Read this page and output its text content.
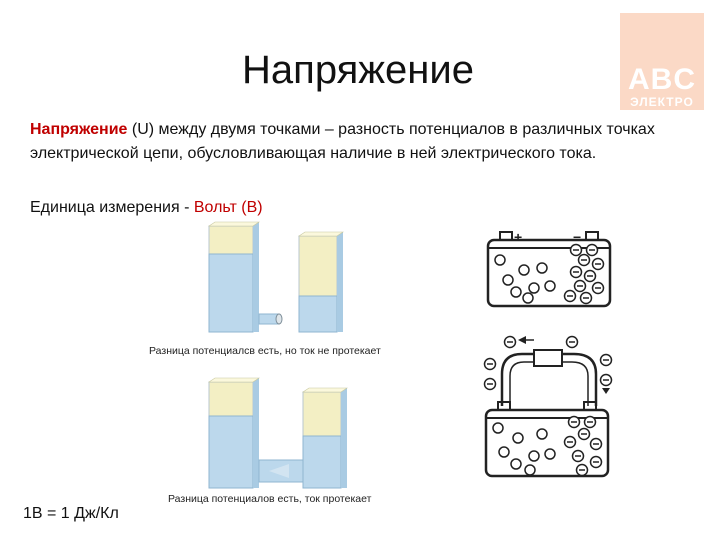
ABC
ЭЛЕКТРО
Напряжение
Напряжение (U) между двумя точками – разность потенциалов в различных точках электрической цепи, обусловливающая наличие в ней электрического тока.
Единица измерения - Вольт (В)
Разница потенциалсв есть, но ток не протекает
Разница потенциалов есть, ток протекает
+	−
1В = 1 Дж/Кл
